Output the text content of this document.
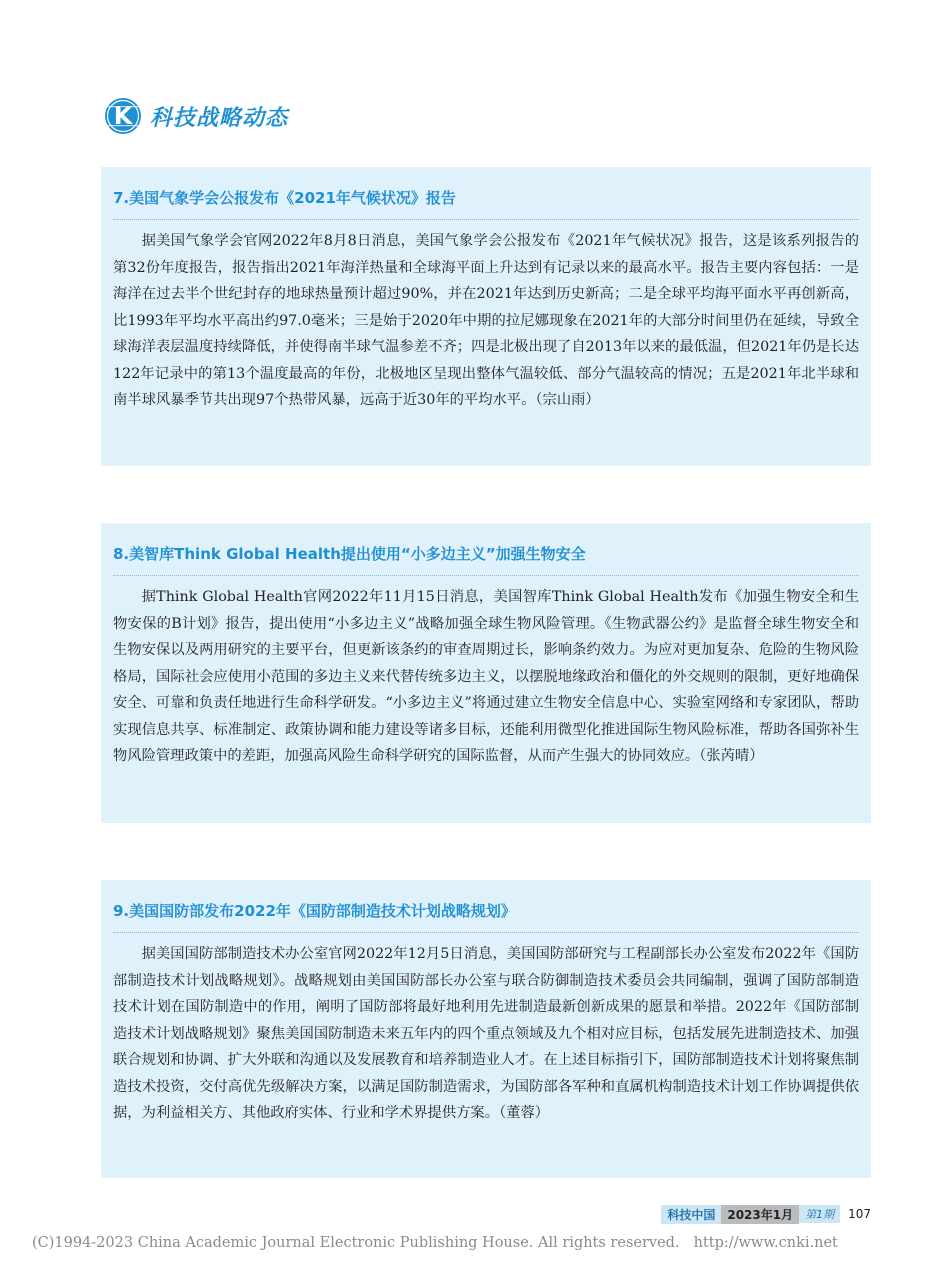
K 科技战略动态
7.美国气象学会公报发布《2021年气候状况》报告
据美国气象学会官网2022年8月8日消息，美国气象学会公报发布《2021年气候状况》报告，这是该系列报告的第32份年度报告，报告指出2021年海洋热量和全球海平面上升达到有记录以来的最高水平。报告主要内容包括：一是海洋在过去半个世纪封存的地球热量预计超过90%，并在2021年达到历史新高；二是全球平均海平面水平再创新高，比1993年平均水平高出约97.0毫米；三是始于2020年中期的拉尼娜现象在2021年的大部分时间里仍在延续，导致全球海洋表层温度持续降低，并使得南半球气温参差不齐；四是北极出现了自2013年以来的最低温，但2021年仍是长达122年记录中的第13个温度最高的年份，北极地区呈现出整体气温较低、部分气温较高的情况；五是2021年北半球和南半球风暴季节共出现97个热带风暴，远高于近30年的平均水平。（宗山雨）
8.美智库Think Global Health提出使用“小多边主义”加强生物安全
据Think Global Health官网2022年11月15日消息，美国智库Think Global Health发布《加强生物安全和生物安保的B计划》报告，提出使用“小多边主义”战略加强全球生物风险管理。《生物武器公约》是监督全球生物安全和生物安保以及两用研究的主要平台，但更新该条约的审查周期过长，影响条约效力。为应对更加复杂、危险的生物风险格局，国际社会应使用小范围的多边主义来代替传统多边主义，以摆脱地缘政治和僵化的外交规则的限制，更好地确保安全、可靠和负责任地进行生命科学研发。“小多边主义”将通过建立生物安全信息中心、实验室网络和专家团队，帮助实现信息共享、标准制定、政策协调和能力建设等诸多目标，还能利用微型化推进国际生物风险标准，帮助各国弥补生物风险管理政策中的差距，加强高风险生命科学研究的国际监督，从而产生强大的协同效应。（张芮晴）
9.美国国防部发布2022年《国防部制造技术计划战略规划》
据美国国防部制造技术办公室官网2022年12月5日消息，美国国防部研究与工程副部长办公室发布2022年《国防部制造技术计划战略规划》。战略规划由美国国防部长办公室与联合防御制造技术委员会共同编制，强调了国防部制造技术计划在国防制造中的作用，阐明了国防部将最好地利用先进制造最新创新成果的愿景和举措。2022年《国防部制造技术计划战略规划》聚焦美国国防制造未来五年内的四个重点领域及九个相对应目标，包括发展先进制造技术、加强联合规划和协调、扩大外联和沟通以及发展教育和培养制造业人才。在上述目标指引下，国防部制造技术计划将聚焦制造技术投资，交付高优先级解决方案，以满足国防制造需求，为国防部各军种和直属机构制造技术计划工作协调提供依据，为利益相关方、其他政府实体、行业和学术界提供方案。（董蓉）
科技中国	2023年1月	第1期	107
(C)1994-2023 China Academic Journal Electronic Publishing House. All rights reserved. http://www.cnki.net
